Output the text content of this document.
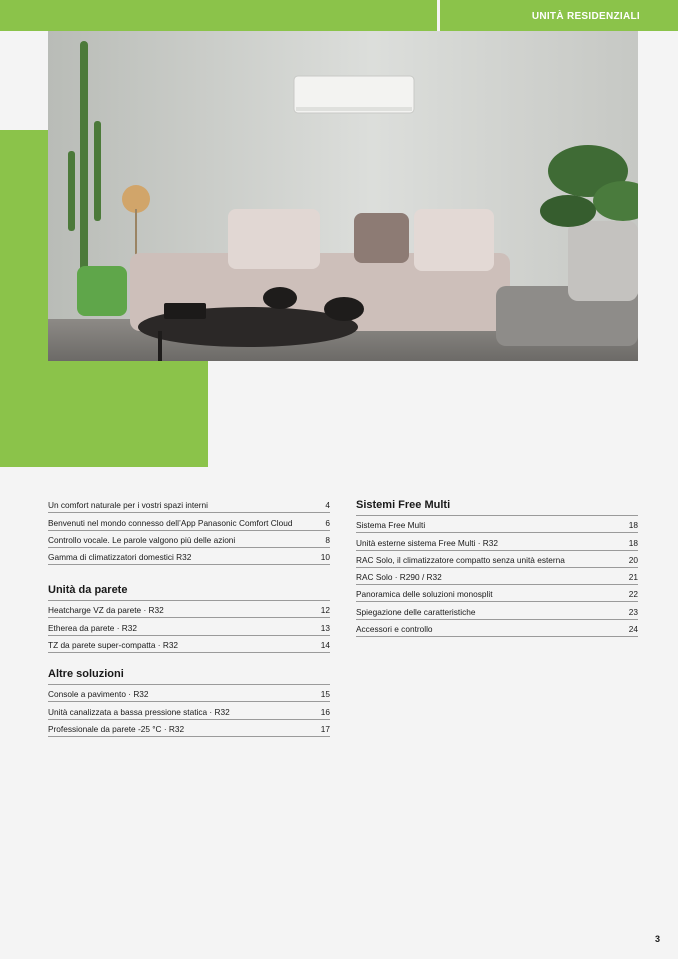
UNITÀ RESIDENZIALI
Un comfort naturale per i vostri spazi interni	4
Benvenuti nel mondo connesso dell’App Panasonic Comfort Cloud	6
Controllo vocale. Le parole valgono più delle azioni	8
Gamma di climatizzatori domestici R32	10
Unità da parete
Heatcharge VZ da parete · R32	12
Etherea da parete · R32	13
TZ da parete super-compatta · R32	14
Altre soluzioni
Console a pavimento · R32	15
Unità canalizzata a bassa pressione statica · R32	16
Professionale da parete -25 °C · R32	17
Sistemi Free Multi
Sistema Free Multi	18
Unità esterne sistema Free Multi · R32	18
RAC Solo, il climatizzatore compatto senza unità esterna	20
RAC Solo · R290 / R32	21
Panoramica delle soluzioni monosplit	22
Spiegazione delle caratteristiche	23
Accessori e controllo	24
3
